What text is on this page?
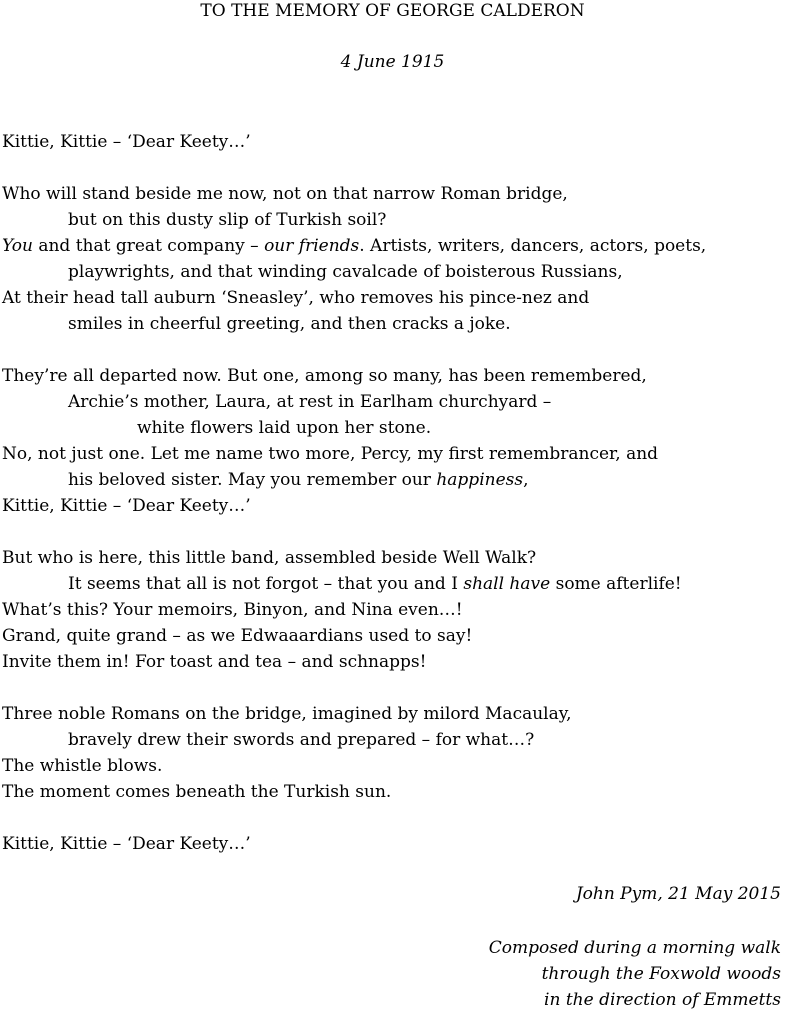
TO THE MEMORY OF GEORGE CALDERON
4 June 1915
Kittie, Kittie – ‘Dear Keety…’
Who will stand beside me now, not on that narrow Roman bridge,
but on this dusty slip of Turkish soil?
You and that great company – our friends. Artists, writers, dancers, actors, poets,
playwrights, and that winding cavalcade of boisterous Russians,
At their head tall auburn ‘Sneasley’, who removes his pince-nez and
smiles in cheerful greeting, and then cracks a joke.
They’re all departed now. But one, among so many, has been remembered,
Archie’s mother, Laura, at rest in Earlham churchyard –
white flowers laid upon her stone.
No, not just one. Let me name two more, Percy, my first remembrancer, and
his beloved sister. May you remember our happiness,
Kittie, Kittie – ‘Dear Keety…’
But who is here, this little band, assembled beside Well Walk?
It seems that all is not forgot – that you and I shall have some afterlife!
What’s this? Your memoirs, Binyon, and Nina even…!
Grand, quite grand – as we Edwaaardians used to say!
Invite them in! For toast and tea – and schnapps!
Three noble Romans on the bridge, imagined by milord Macaulay,
bravely drew their swords and prepared – for what…?
The whistle blows.
The moment comes beneath the Turkish sun.
Kittie, Kittie – ‘Dear Keety…’
John Pym, 21 May 2015
Composed during a morning walk
through the Foxwold woods
in the direction of Emmetts
